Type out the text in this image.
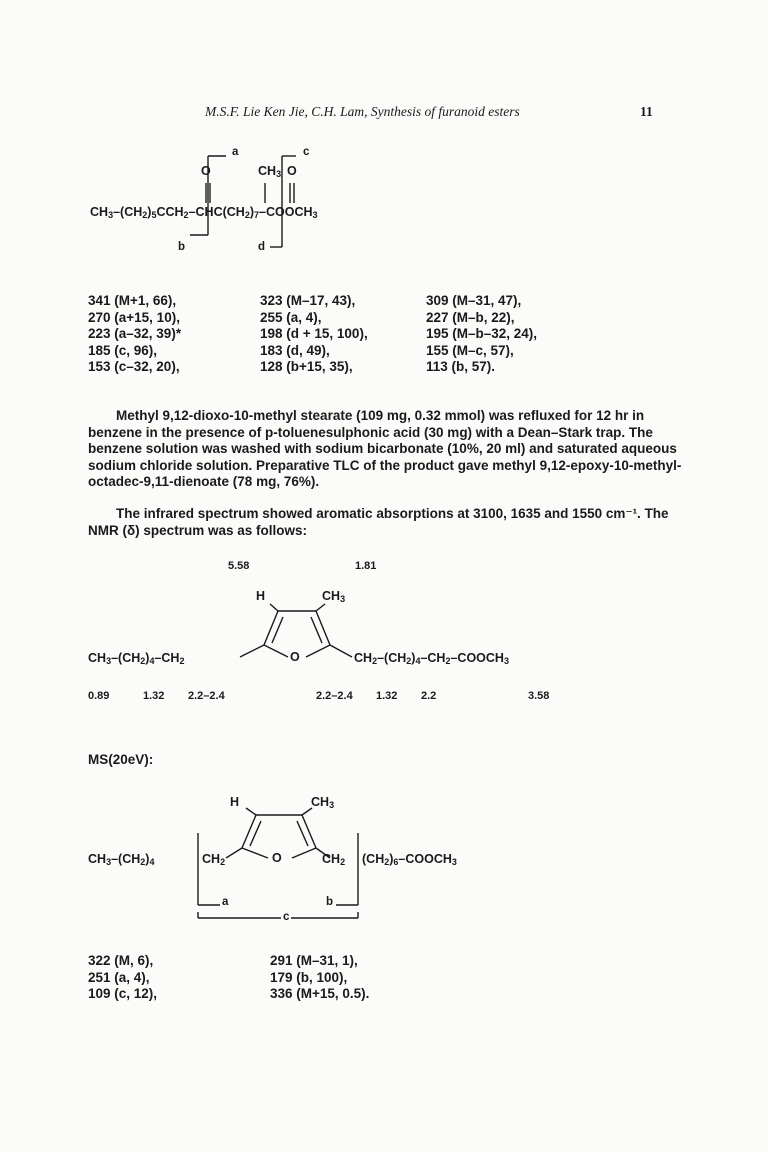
M.S.F. Lie Ken Jie, C.H. Lam, Synthesis of furanoid esters	11
a	c
O	$CH_3$ O
$CH_3-(CH_2)_5CCH_2-CHC(CH_2)_7-COOCH_3$
b	d
341 (M+1, 66),	323 (M–17, 43),	309 (M–31, 47),
270 (a+15, 10),	255 (a, 4),	227 (M–b, 22),
223 (a–32, 39)*	198 (d + 15, 100),	195 (M–b–32, 24),
185 (c, 96),	183 (d, 49),	155 (M–c, 57),
153 (c–32, 20),	128 (b+15, 35),	113 (b, 57).
Methyl 9,12-dioxo-10-methyl stearate (109 mg, 0.32 mmol) was refluxed for 12 hr in benzene in the presence of p-toluenesulphonic acid (30 mg) with a Dean–Stark trap. The benzene solution was washed with sodium bicarbonate (10%, 20 ml) and saturated aqueous sodium chloride solution. Preparative TLC of the product gave methyl 9,12-epoxy-10-methyl-octadec-9,11-dienoate (78 mg, 76%).
The infrared spectrum showed aromatic absorptions at 3100, 1635 and 1550 cm⁻¹. The NMR (δ) spectrum was as follows:
5.58	1.81
H	$CH_3$
O
$CH_3-(CH_2)_4-CH_2$	$CH_2-(CH_2)_4-CH_2-COOCH_3$
0.89	1.32 2.2–2.4	2.2–2.4 1.32 2.2	3.58
MS(20eV):
H	$CH_3$
O
$CH_3-(CH_2)_4$	$CH_2$	$CH_2$ $(CH_2)_6-COOCH_3$
a	b
c
322 (M, 6),	291 (M–31, 1),
251 (a, 4),	179 (b, 100),
109 (c, 12),	336 (M+15, 0.5).
